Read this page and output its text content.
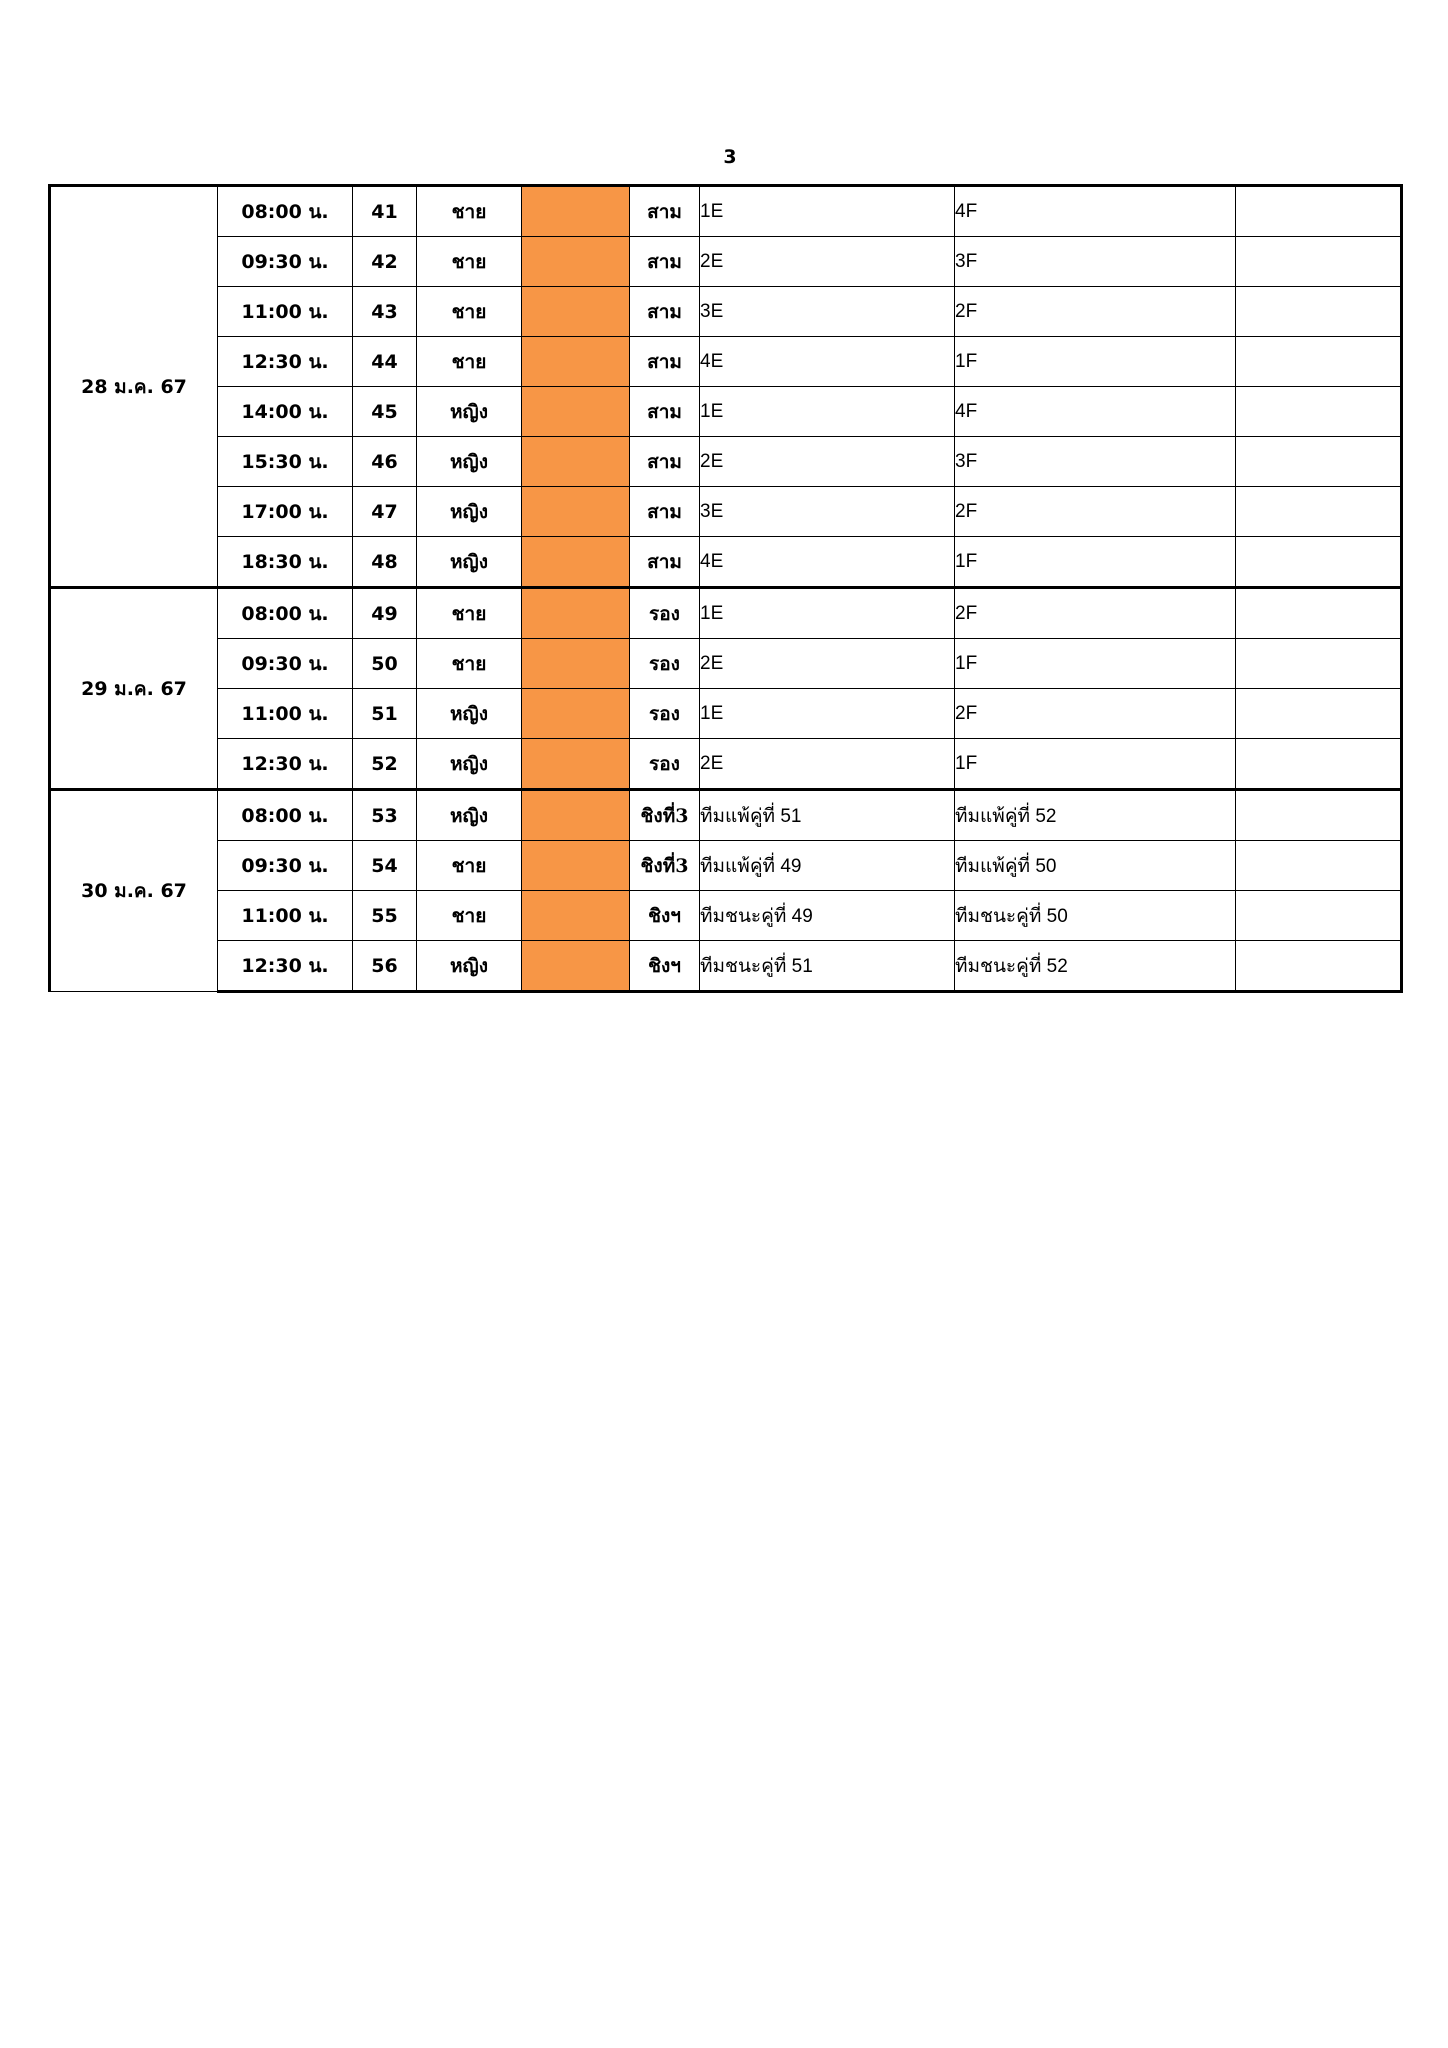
3
28 ม.ค. 67	08:00 น.	41	ชาย		สาม	1E	4F	
	09:30 น.	42	ชาย		สาม	2E	3F	
	11:00 น.	43	ชาย		สาม	3E	2F	
	12:30 น.	44	ชาย		สาม	4E	1F	
	14:00 น.	45	หญิง		สาม	1E	4F	
	15:30 น.	46	หญิง		สาม	2E	3F	
	17:00 น.	47	หญิง		สาม	3E	2F	
	18:30 น.	48	หญิง		สาม	4E	1F	
29 ม.ค. 67	08:00 น.	49	ชาย		รอง	1E	2F	
	09:30 น.	50	ชาย		รอง	2E	1F	
	11:00 น.	51	หญิง		รอง	1E	2F	
	12:30 น.	52	หญิง		รอง	2E	1F	
30 ม.ค. 67	08:00 น.	53	หญิง		ชิงที่3	ทีมแพ้คู่ที่ 51	ทีมแพ้คู่ที่ 52	
	09:30 น.	54	ชาย		ชิงที่3	ทีมแพ้คู่ที่ 49	ทีมแพ้คู่ที่ 50	
	11:00 น.	55	ชาย		ชิงฯ	ทีมชนะคู่ที่ 49	ทีมชนะคู่ที่ 50	
	12:30 น.	56	หญิง		ชิงฯ	ทีมชนะคู่ที่ 51	ทีมชนะคู่ที่ 52	
